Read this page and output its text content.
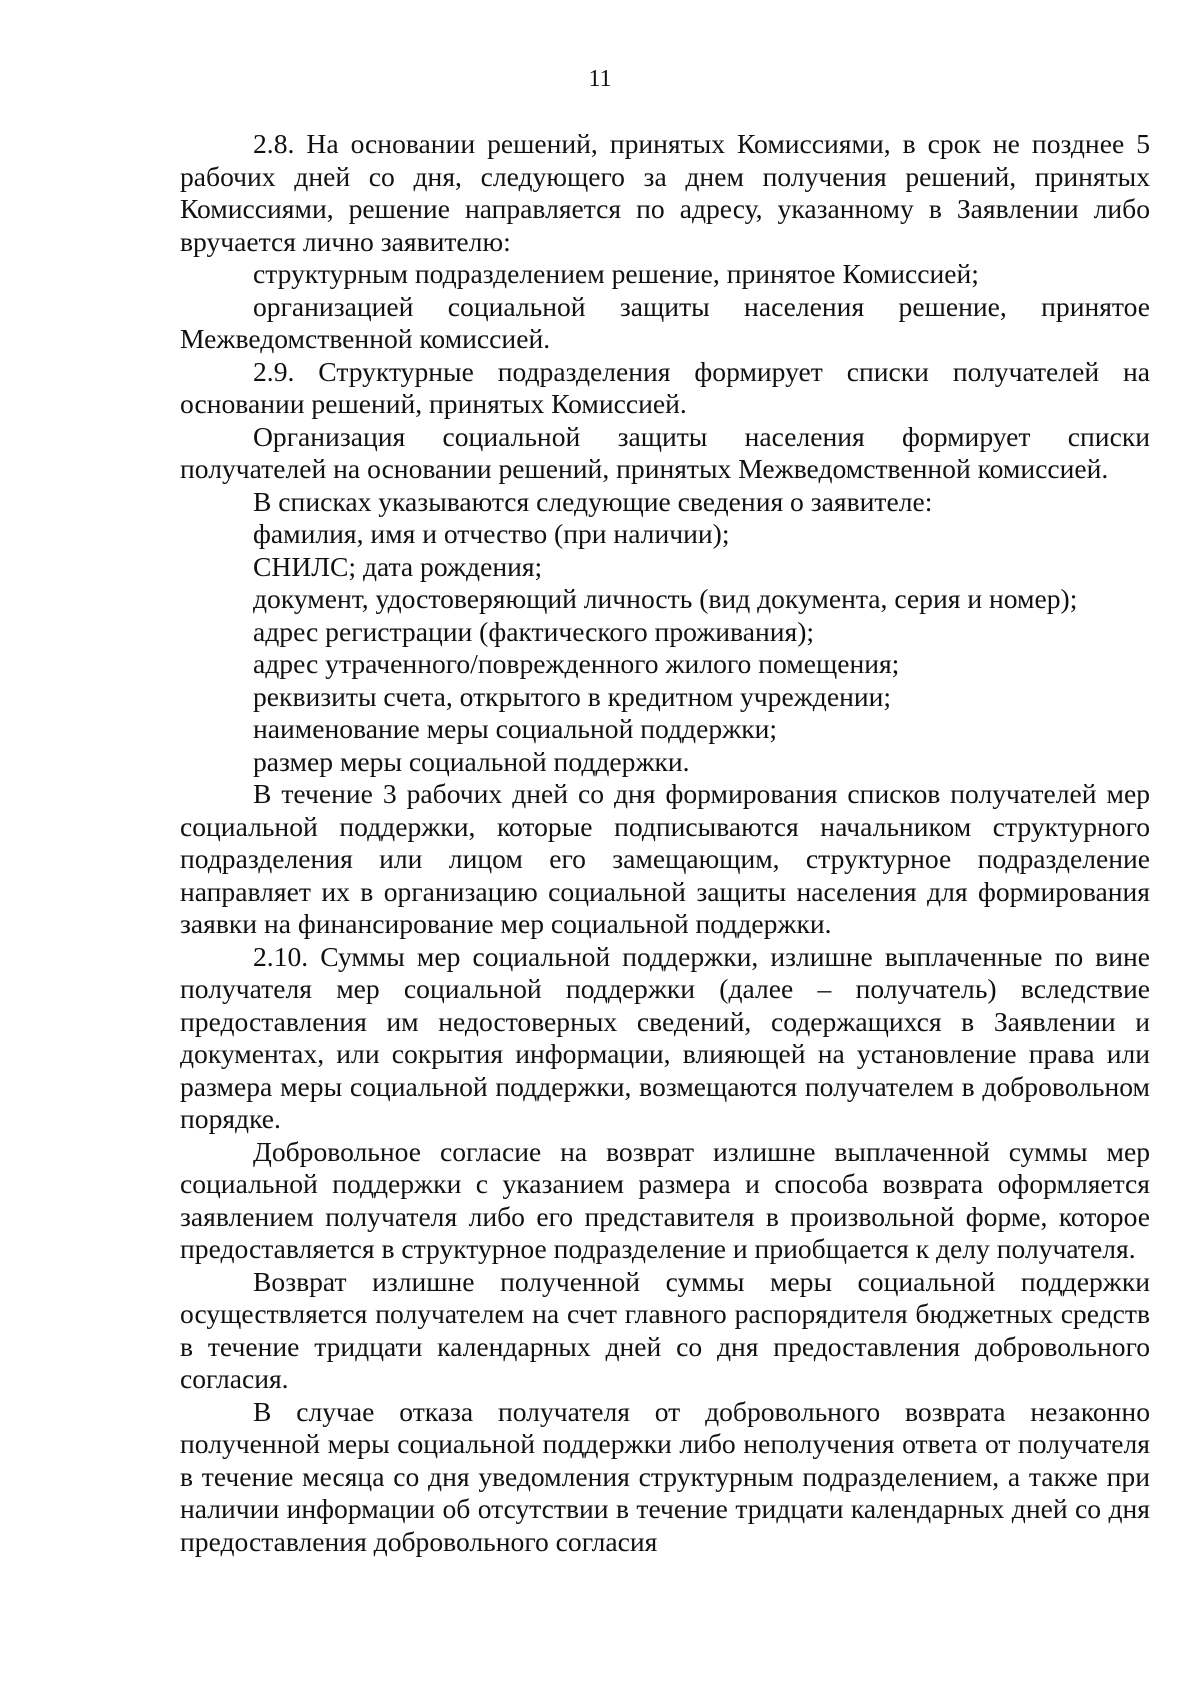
11

2.8. На основании решений, принятых Комиссиями, в срок не позднее 5 рабочих дней со дня, следующего за днем получения решений, принятых Комиссиями, решение направляется по адресу, указанному в Заявлении либо вручается лично заявителю:

структурным подразделением решение, принятое Комиссией;

организацией социальной защиты населения решение, принятое Межведомственной комиссией.

2.9. Структурные подразделения формирует списки получателей на основании решений, принятых Комиссией.

Организация социальной защиты населения формирует списки получателей на основании решений, принятых Межведомственной комиссией.

В списках указываются следующие сведения о заявителе:

фамилия, имя и отчество (при наличии);

СНИЛС; дата рождения;

документ, удостоверяющий личность (вид документа, серия и номер);

адрес регистрации (фактического проживания);

адрес утраченного/поврежденного жилого помещения;

реквизиты счета, открытого в кредитном учреждении;

наименование меры социальной поддержки;

размер меры социальной поддержки.

В течение 3 рабочих дней со дня формирования списков получателей мер социальной поддержки, которые подписываются начальником структурного подразделения или лицом его замещающим, структурное подразделение направляет их в организацию социальной защиты населения для формирования заявки на финансирование мер социальной поддержки.

2.10. Суммы мер социальной поддержки, излишне выплаченные по вине получателя мер социальной поддержки (далее – получатель) вследствие предоставления им недостоверных сведений, содержащихся в Заявлении и документах, или сокрытия информации, влияющей на установление права или размера меры социальной поддержки, возмещаются получателем в добровольном порядке.

Добровольное согласие на возврат излишне выплаченной суммы мер социальной поддержки с указанием размера и способа возврата оформляется заявлением получателя либо его представителя в произвольной форме, которое предоставляется в структурное подразделение и приобщается к делу получателя.

Возврат излишне полученной суммы меры социальной поддержки осуществляется получателем на счет главного распорядителя бюджетных средств в течение тридцати календарных дней со дня предоставления добровольного согласия.

В случае отказа получателя от добровольного возврата незаконно полученной меры социальной поддержки либо неполучения ответа от получателя в течение месяца со дня уведомления структурным подразделением, а также при наличии информации об отсутствии в течение тридцати календарных дней со дня предоставления добровольного согласия
